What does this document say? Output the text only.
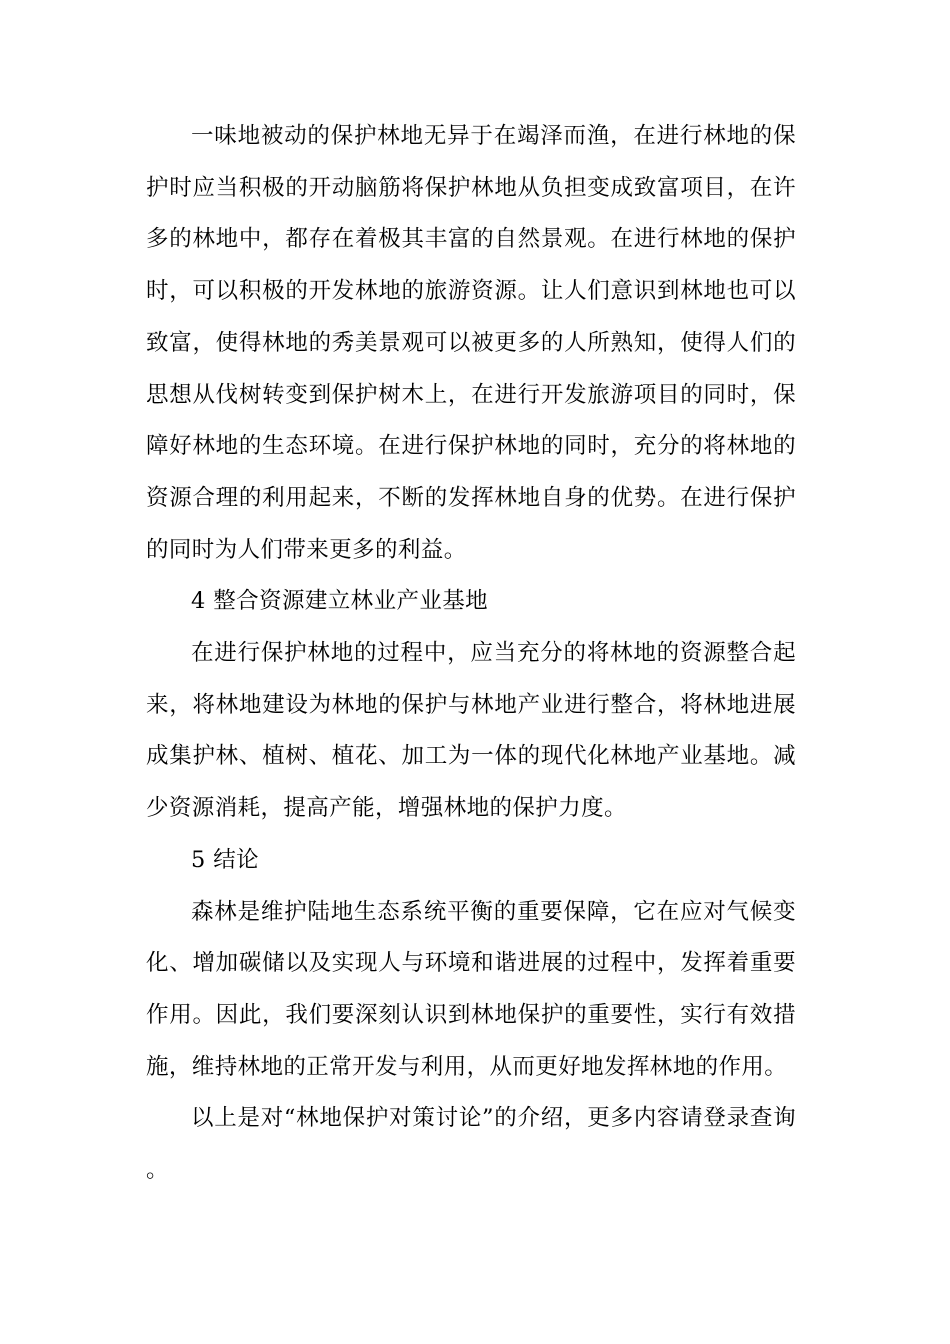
一味地被动的保护林地无异于在竭泽而渔，在进行林地的保护时应当积极的开动脑筋将保护林地从负担变成致富项目，在许多的林地中，都存在着极其丰富的自然景观。在进行林地的保护时，可以积极的开发林地的旅游资源。让人们意识到林地也可以致富，使得林地的秀美景观可以被更多的人所熟知，使得人们的思想从伐树转变到保护树木上，在进行开发旅游项目的同时，保障好林地的生态环境。在进行保护林地的同时，充分的将林地的资源合理的利用起来，不断的发挥林地自身的优势。在进行保护的同时为人们带来更多的利益。

4 整合资源建立林业产业基地

在进行保护林地的过程中，应当充分的将林地的资源整合起来，将林地建设为林地的保护与林地产业进行整合，将林地进展成集护林、植树、植花、加工为一体的现代化林地产业基地。减少资源消耗，提高产能，增强林地的保护力度。

5 结论

森林是维护陆地生态系统平衡的重要保障，它在应对气候变化、增加碳储以及实现人与环境和谐进展的过程中，发挥着重要作用。因此，我们要深刻认识到林地保护的重要性，实行有效措施，维持林地的正常开发与利用，从而更好地发挥林地的作用。

以上是对“林地保护对策讨论”的介绍，更多内容请登录查询。
